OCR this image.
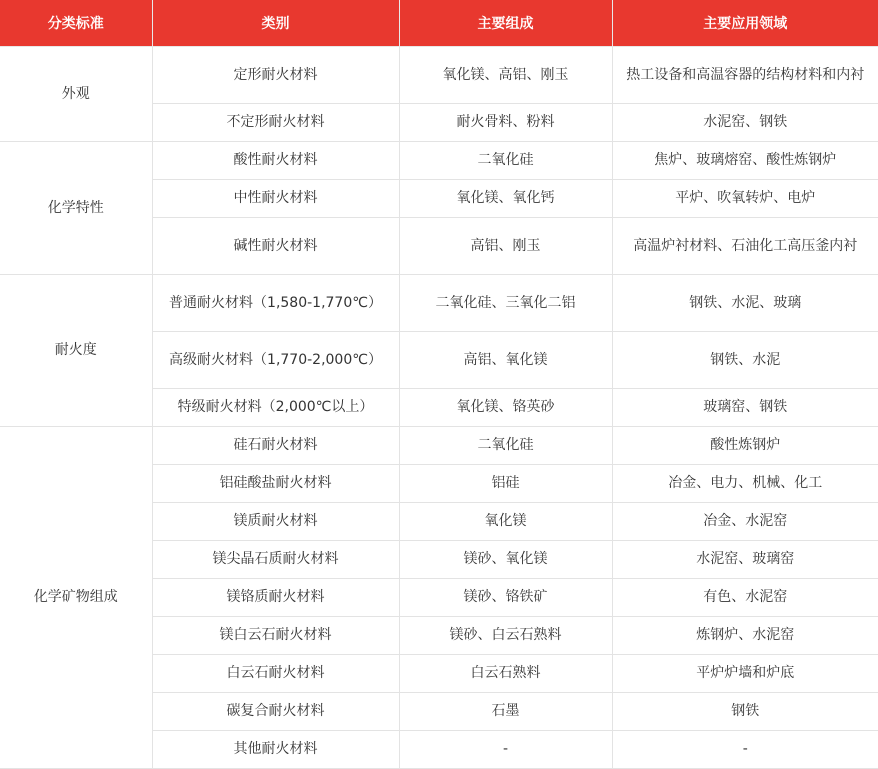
分类标准	类别	主要组成	主要应用领域
外观	定形耐火材料	氧化镁、高铝、刚玉	热工设备和高温容器的结构材料和内衬
	不定形耐火材料	耐火骨料、粉料	水泥窑、钢铁
化学特性	酸性耐火材料	二氧化硅	焦炉、玻璃熔窑、酸性炼钢炉
	中性耐火材料	氧化镁、氧化钙	平炉、吹氧转炉、电炉
	碱性耐火材料	高铝、刚玉	高温炉衬材料、石油化工高压釜内衬
耐火度	普通耐火材料（1,580-1,770℃）	二氧化硅、三氧化二铝	钢铁、水泥、玻璃
	高级耐火材料（1,770-2,000℃）	高铝、氧化镁	钢铁、水泥
	特级耐火材料（2,000℃以上）	氧化镁、铬英砂	玻璃窑、钢铁
化学矿物组成	硅石耐火材料	二氧化硅	酸性炼钢炉
	铝硅酸盐耐火材料	铝硅	冶金、电力、机械、化工
	镁质耐火材料	氧化镁	冶金、水泥窑
	镁尖晶石质耐火材料	镁砂、氧化镁	水泥窑、玻璃窑
	镁铬质耐火材料	镁砂、铬铁矿	有色、水泥窑
	镁白云石耐火材料	镁砂、白云石熟料	炼钢炉、水泥窑
	白云石耐火材料	白云石熟料	平炉炉墙和炉底
	碳复合耐火材料	石墨	钢铁
	其他耐火材料	-	-
